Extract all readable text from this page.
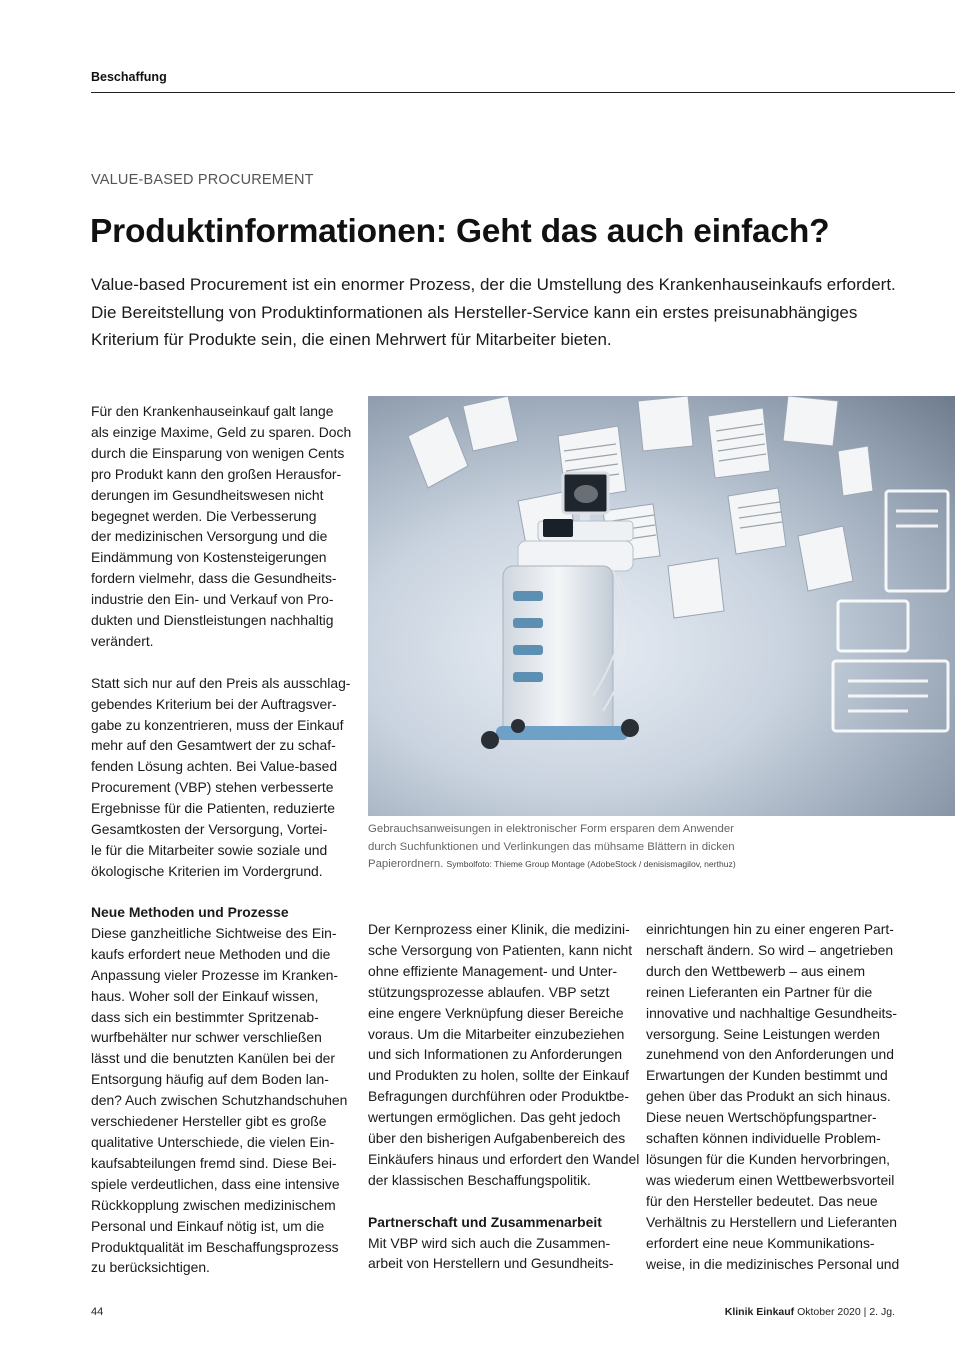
Beschaffung
VALUE-BASED PROCUREMENT
Produktinformationen: Geht das auch einfach?
Value-based Procurement ist ein enormer Prozess, der die Umstellung des Krankenhauseinkaufs erfordert.
Die Bereitstellung von Produktinformationen als Hersteller-Service kann ein erstes preisunabhängiges
Kriterium für Produkte sein, die einen Mehrwert für Mitarbeiter bieten.
Für den Krankenhauseinkauf galt lange
als einzige Maxime, Geld zu sparen. Doch
durch die Einsparung von wenigen Cents
pro Produkt kann den großen Herausfor-
derungen im Gesundheitswesen nicht
begegnet werden. Die Verbesserung
der medizinischen Versorgung und die
Eindämmung von Kostensteigerungen
fordern vielmehr, dass die Gesundheits-
industrie den Ein- und Verkauf von Pro-
dukten und Dienstleistungen nachhaltig
verändert.
Statt sich nur auf den Preis als ausschlag-
gebendes Kriterium bei der Auftragsver-
gabe zu konzentrieren, muss der Einkauf
mehr auf den Gesamtwert der zu schaf-
fenden Lösung achten. Bei Value-based
Procurement (VBP) stehen verbesserte
Ergebnisse für die Patienten, reduzierte
Gesamtkosten der Versorgung, Vortei-
le für die Mitarbeiter sowie soziale und
ökologische Kriterien im Vordergrund.
Neue Methoden und Prozesse
Diese ganzheitliche Sichtweise des Ein-
kaufs erfordert neue Methoden und die
Anpassung vieler Prozesse im Kranken-
haus. Woher soll der Einkauf wissen,
dass sich ein bestimmter Spritzenab-
wurfbehälter nur schwer verschließen
lässt und die benutzten Kanülen bei der
Entsorgung häufig auf dem Boden lan-
den? Auch zwischen Schutzhandschuhen
verschiedener Hersteller gibt es große
qualitative Unterschiede, die vielen Ein-
kaufsabteilungen fremd sind. Diese Bei-
spiele verdeutlichen, dass eine intensive
Rückkopplung zwischen medizinischem
Personal und Einkauf nötig ist, um die
Produktqualität im Beschaffungsprozess
zu berücksichtigen.
Gebrauchsanweisungen in elektronischer Form ersparen dem Anwender
durch Suchfunktionen und Verlinkungen das mühsame Blättern in dicken
Papierordnern. Symbolfoto: Thieme Group Montage (AdobeStock / denisismagilov, nerthuz)
Der Kernprozess einer Klinik, die medizini-
sche Versorgung von Patienten, kann nicht
ohne effiziente Management- und Unter-
stützungsprozesse ablaufen. VBP setzt
eine engere Verknüpfung dieser Bereiche
voraus. Um die Mitarbeiter einzubeziehen
und sich Informationen zu Anforderungen
und Produkten zu holen, sollte der Einkauf
Befragungen durchführen oder Produktbe-
wertungen ermöglichen. Das geht jedoch
über den bisherigen Aufgabenbereich des
Einkäufers hinaus und erfordert den Wandel
der klassischen Beschaffungspolitik.
Partnerschaft und Zusammenarbeit
Mit VBP wird sich auch die Zusammen-
arbeit von Herstellern und Gesundheits-
einrichtungen hin zu einer engeren Part-
nerschaft ändern. So wird – angetrieben
durch den Wettbewerb – aus einem
reinen Lieferanten ein Partner für die
innovative und nachhaltige Gesundheits-
versorgung. Seine Leistungen werden
zunehmend von den Anforderungen und
Erwartungen der Kunden bestimmt und
gehen über das Produkt an sich hinaus.
Diese neuen Wertschöpfungspartner-
schaften können individuelle Problem-
lösungen für die Kunden hervorbringen,
was wiederum einen Wettbewerbsvorteil
für den Hersteller bedeutet. Das neue
Verhältnis zu Herstellern und Lieferanten
erfordert eine neue Kommunikations-
weise, in die medizinisches Personal und
44	Klinik Einkauf Oktober 2020 | 2. Jg.
